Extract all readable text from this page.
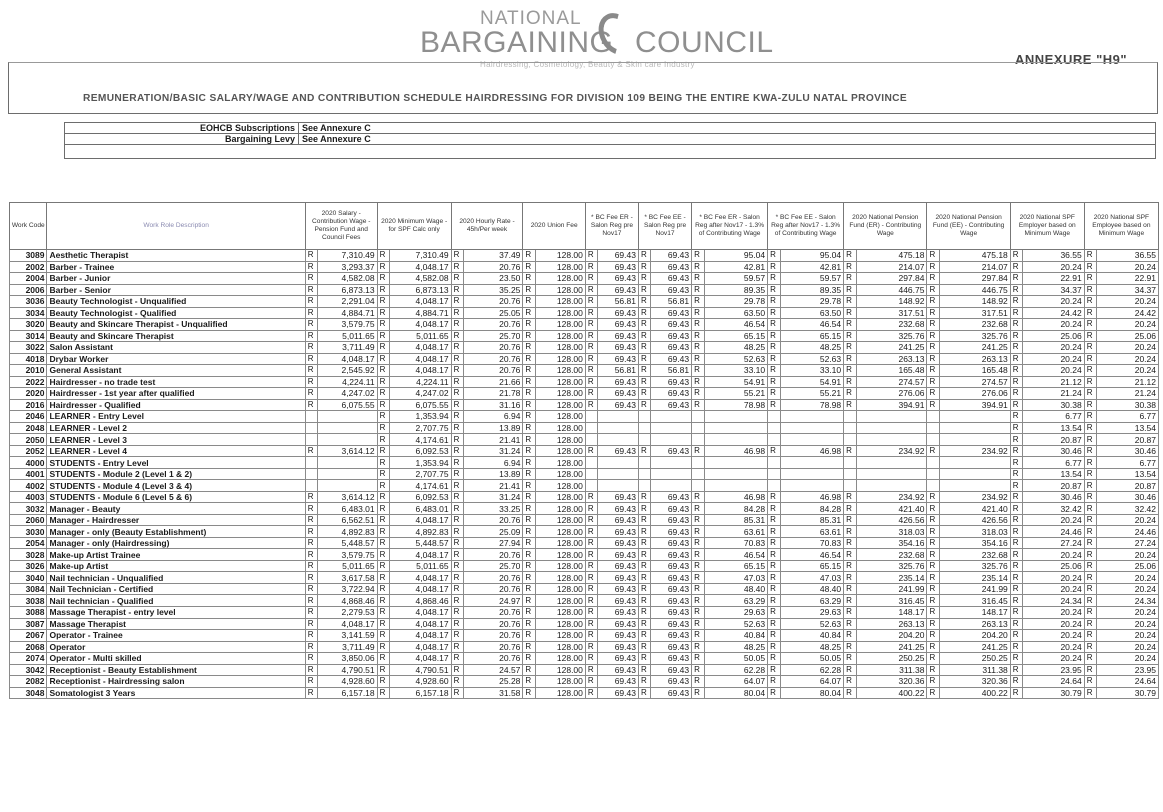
NATIONAL
BARGAINING COUNCIL
Hairdressing, Cosmetology, Beauty & Skin care Industry	ANNEXURE "H9"
REMUNERATION/BASIC SALARY/WAGE AND CONTRIBUTION SCHEDULE HAIRDRESSING FOR DIVISION 109 BEING THE ENTIRE KWA-ZULU NATAL PROVINCE
EOHCB Subscriptions	See Annexure C
Bargaining Levy	See Annexure C
Work Code	Work Role Description	2020 Salary - Contribution Wage - Pension Fund and Council Fees		2020 Minimum Wage - for SPF Calc only		2020 Hourly Rate - 45h/Per week		2020 Union Fee		* BC Fee ER - Salon Reg pre Nov17		* BC Fee EE - Salon Reg pre Nov17		* BC Fee ER - Salon Reg after Nov17 - 1.3% of Contributing Wage		* BC Fee EE - Salon Reg after Nov17 - 1.3% of Contributing Wage		2020 National Pension Fund (ER) - Contributing Wage		2020 National Pension Fund (EE) - Contributing Wage		2020 National SPF Employer based on Minimum Wage		2020 National SPF Employee based on Minimum Wage	
3089	Aesthetic Therapist	R	7,310.49	R	7,310.49	R	37.49	R	128.00	R	69.43	R	69.43	R	95.04	R	95.04	R	475.18	R	475.18	R	36.55	R	36.55
2002	Barber - Trainee	R	3,293.37	R	4,048.17	R	20.76	R	128.00	R	69.43	R	69.43	R	42.81	R	42.81	R	214.07	R	214.07	R	20.24	R	20.24
2004	Barber - Junior	R	4,582.08	R	4,582.08	R	23.50	R	128.00	R	69.43	R	69.43	R	59.57	R	59.57	R	297.84	R	297.84	R	22.91	R	22.91
2006	Barber - Senior	R	6,873.13	R	6,873.13	R	35.25	R	128.00	R	69.43	R	69.43	R	89.35	R	89.35	R	446.75	R	446.75	R	34.37	R	34.37
3036	Beauty Technologist - Unqualified	R	2,291.04	R	4,048.17	R	20.76	R	128.00	R	56.81	R	56.81	R	29.78	R	29.78	R	148.92	R	148.92	R	20.24	R	20.24
3034	Beauty Technologist - Qualified	R	4,884.71	R	4,884.71	R	25.05	R	128.00	R	69.43	R	69.43	R	63.50	R	63.50	R	317.51	R	317.51	R	24.42	R	24.42
3020	Beauty and Skincare Therapist - Unqualified	R	3,579.75	R	4,048.17	R	20.76	R	128.00	R	69.43	R	69.43	R	46.54	R	46.54	R	232.68	R	232.68	R	20.24	R	20.24
3014	Beauty and Skincare Therapist	R	5,011.65	R	5,011.65	R	25.70	R	128.00	R	69.43	R	69.43	R	65.15	R	65.15	R	325.76	R	325.76	R	25.06	R	25.06
3022	Salon Assistant	R	3,711.49	R	4,048.17	R	20.76	R	128.00	R	69.43	R	69.43	R	48.25	R	48.25	R	241.25	R	241.25	R	20.24	R	20.24
4018	Drybar Worker	R	4,048.17	R	4,048.17	R	20.76	R	128.00	R	69.43	R	69.43	R	52.63	R	52.63	R	263.13	R	263.13	R	20.24	R	20.24
2010	General Assistant	R	2,545.92	R	4,048.17	R	20.76	R	128.00	R	56.81	R	56.81	R	33.10	R	33.10	R	165.48	R	165.48	R	20.24	R	20.24
2022	Hairdresser - no trade test	R	4,224.11	R	4,224.11	R	21.66	R	128.00	R	69.43	R	69.43	R	54.91	R	54.91	R	274.57	R	274.57	R	21.12	R	21.12
2020	Hairdresser - 1st year after qualified	R	4,247.02	R	4,247.02	R	21.78	R	128.00	R	69.43	R	69.43	R	55.21	R	55.21	R	276.06	R	276.06	R	21.24	R	21.24
2016	Hairdresser - Qualified	R	6,075.55	R	6,075.55	R	31.16	R	128.00	R	69.43	R	69.43	R	78.98	R	78.98	R	394.91	R	394.91	R	30.38	R	30.38
2046	LEARNER - Entry Level			R	1,353.94	R	6.94	R	128.00													R	6.77	R	6.77
2048	LEARNER - Level 2			R	2,707.75	R	13.89	R	128.00													R	13.54	R	13.54
2050	LEARNER - Level 3			R	4,174.61	R	21.41	R	128.00													R	20.87	R	20.87
2052	LEARNER - Level 4	R	3,614.12	R	6,092.53	R	31.24	R	128.00	R	69.43	R	69.43	R	46.98	R	46.98	R	234.92	R	234.92	R	30.46	R	30.46
4000	STUDENTS - Entry Level			R	1,353.94	R	6.94	R	128.00													R	6.77	R	6.77
4001	STUDENTS - Module 2 (Level 1 & 2)			R	2,707.75	R	13.89	R	128.00													R	13.54	R	13.54
4002	STUDENTS - Module 4 (Level 3 & 4)			R	4,174.61	R	21.41	R	128.00													R	20.87	R	20.87
4003	STUDENTS - Module 6 (Level 5 & 6)	R	3,614.12	R	6,092.53	R	31.24	R	128.00	R	69.43	R	69.43	R	46.98	R	46.98	R	234.92	R	234.92	R	30.46	R	30.46
3032	Manager - Beauty	R	6,483.01	R	6,483.01	R	33.25	R	128.00	R	69.43	R	69.43	R	84.28	R	84.28	R	421.40	R	421.40	R	32.42	R	32.42
2060	Manager - Hairdresser	R	6,562.51	R	4,048.17	R	20.76	R	128.00	R	69.43	R	69.43	R	85.31	R	85.31	R	426.56	R	426.56	R	20.24	R	20.24
3030	Manager - only (Beauty Establishment)	R	4,892.83	R	4,892.83	R	25.09	R	128.00	R	69.43	R	69.43	R	63.61	R	63.61	R	318.03	R	318.03	R	24.46	R	24.46
2054	Manager - only (Hairdressing)	R	5,448.57	R	5,448.57	R	27.94	R	128.00	R	69.43	R	69.43	R	70.83	R	70.83	R	354.16	R	354.16	R	27.24	R	27.24
3028	Make-up Artist Trainee	R	3,579.75	R	4,048.17	R	20.76	R	128.00	R	69.43	R	69.43	R	46.54	R	46.54	R	232.68	R	232.68	R	20.24	R	20.24
3026	Make-up Artist	R	5,011.65	R	5,011.65	R	25.70	R	128.00	R	69.43	R	69.43	R	65.15	R	65.15	R	325.76	R	325.76	R	25.06	R	25.06
3040	Nail technician - Unqualified	R	3,617.58	R	4,048.17	R	20.76	R	128.00	R	69.43	R	69.43	R	47.03	R	47.03	R	235.14	R	235.14	R	20.24	R	20.24
3084	Nail Technician - Certified	R	3,722.94	R	4,048.17	R	20.76	R	128.00	R	69.43	R	69.43	R	48.40	R	48.40	R	241.99	R	241.99	R	20.24	R	20.24
3038	Nail technician - Qualified	R	4,868.46	R	4,868.46	R	24.97	R	128.00	R	69.43	R	69.43	R	63.29	R	63.29	R	316.45	R	316.45	R	24.34	R	24.34
3088	Massage Therapist - entry level	R	2,279.53	R	4,048.17	R	20.76	R	128.00	R	69.43	R	69.43	R	29.63	R	29.63	R	148.17	R	148.17	R	20.24	R	20.24
3087	Massage Therapist	R	4,048.17	R	4,048.17	R	20.76	R	128.00	R	69.43	R	69.43	R	52.63	R	52.63	R	263.13	R	263.13	R	20.24	R	20.24
2067	Operator - Trainee	R	3,141.59	R	4,048.17	R	20.76	R	128.00	R	69.43	R	69.43	R	40.84	R	40.84	R	204.20	R	204.20	R	20.24	R	20.24
2068	Operator	R	3,711.49	R	4,048.17	R	20.76	R	128.00	R	69.43	R	69.43	R	48.25	R	48.25	R	241.25	R	241.25	R	20.24	R	20.24
2074	Operator - Multi skilled	R	3,850.06	R	4,048.17	R	20.76	R	128.00	R	69.43	R	69.43	R	50.05	R	50.05	R	250.25	R	250.25	R	20.24	R	20.24
3042	Receptionist - Beauty Establishment	R	4,790.51	R	4,790.51	R	24.57	R	128.00	R	69.43	R	69.43	R	62.28	R	62.28	R	311.38	R	311.38	R	23.95	R	23.95
2082	Receptionist - Hairdressing salon	R	4,928.60	R	4,928.60	R	25.28	R	128.00	R	69.43	R	69.43	R	64.07	R	64.07	R	320.36	R	320.36	R	24.64	R	24.64
3048	Somatologist 3 Years	R	6,157.18	R	6,157.18	R	31.58	R	128.00	R	69.43	R	69.43	R	80.04	R	80.04	R	400.22	R	400.22	R	30.79	R	30.79
